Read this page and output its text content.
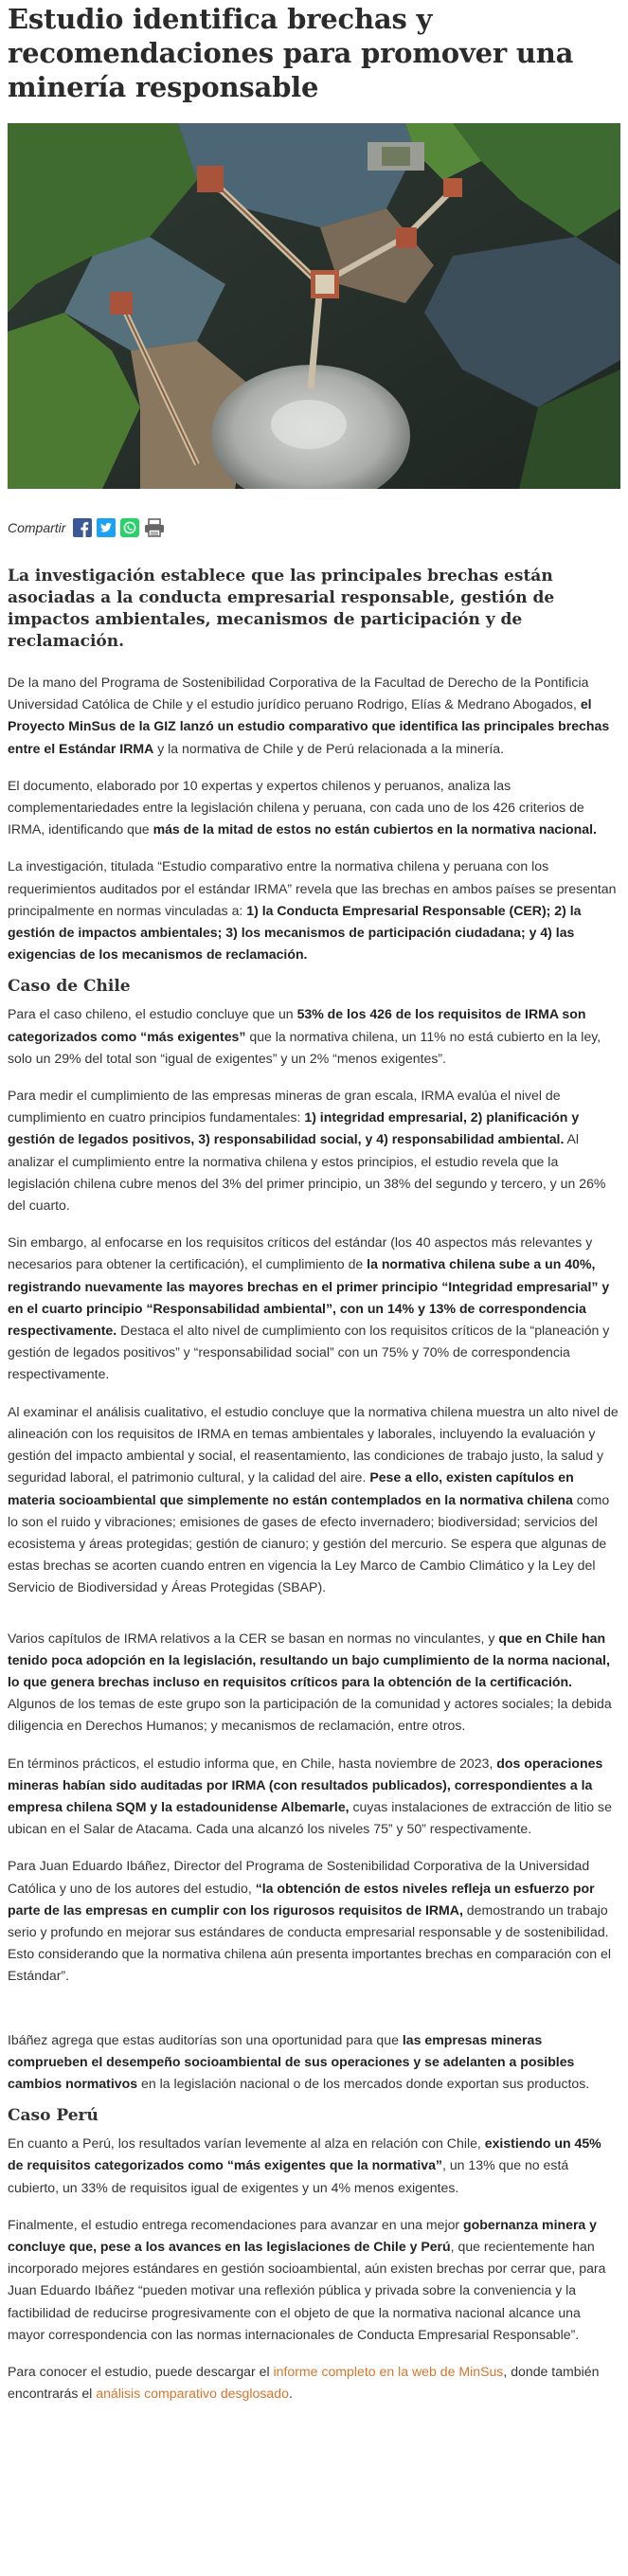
Estudio identifica brechas y recomendaciones para promover una minería responsable
Compartir

La investigación establece que las principales brechas están asociadas a la conducta empresarial responsable, gestión de impactos ambientales, mecanismos de participación y de reclamación.

De la mano del Programa de Sostenibilidad Corporativa de la Facultad de Derecho de la Pontificia Universidad Católica de Chile y el estudio jurídico peruano Rodrigo, Elías & Medrano Abogados, el Proyecto MinSus de la GIZ lanzó un estudio comparativo que identifica las principales brechas entre el Estándar IRMA y la normativa de Chile y de Perú relacionada a la minería.

El documento, elaborado por 10 expertas y expertos chilenos y peruanos, analiza las complementariedades entre la legislación chilena y peruana, con cada uno de los 426 criterios de IRMA, identificando que más de la mitad de estos no están cubiertos en la normativa nacional.

La investigación, titulada “Estudio comparativo entre la normativa chilena y peruana con los requerimientos auditados por el estándar IRMA” revela que las brechas en ambos países se presentan principalmente en normas vinculadas a: 1) la Conducta Empresarial Responsable (CER); 2) la gestión de impactos ambientales; 3) los mecanismos de participación ciudadana; y 4) las exigencias de los mecanismos de reclamación.

Caso de Chile

Para el caso chileno, el estudio concluye que un 53% de los 426 de los requisitos de IRMA son categorizados como “más exigentes” que la normativa chilena, un 11% no está cubierto en la ley, solo un 29% del total son “igual de exigentes” y un 2% “menos exigentes”.

Para medir el cumplimiento de las empresas mineras de gran escala, IRMA evalúa el nivel de cumplimiento en cuatro principios fundamentales: 1) integridad empresarial, 2) planificación y gestión de legados positivos, 3) responsabilidad social, y 4) responsabilidad ambiental. Al analizar el cumplimiento entre la normativa chilena y estos principios, el estudio revela que la legislación chilena cubre menos del 3% del primer principio, un 38% del segundo y tercero, y un 26% del cuarto.

Sin embargo, al enfocarse en los requisitos críticos del estándar (los 40 aspectos más relevantes y necesarios para obtener la certificación), el cumplimiento de la normativa chilena sube a un 40%, registrando nuevamente las mayores brechas en el primer principio “Integridad empresarial” y en el cuarto principio “Responsabilidad ambiental”, con un 14% y 13% de correspondencia respectivamente. Destaca el alto nivel de cumplimiento con los requisitos críticos de la “planeación y gestión de legados positivos” y “responsabilidad social” con un 75% y 70% de correspondencia respectivamente.

Al examinar el análisis cualitativo, el estudio concluye que la normativa chilena muestra un alto nivel de alineación con los requisitos de IRMA en temas ambientales y laborales, incluyendo la evaluación y gestión del impacto ambiental y social, el reasentamiento, las condiciones de trabajo justo, la salud y seguridad laboral, el patrimonio cultural, y la calidad del aire. Pese a ello, existen capítulos en materia socioambiental que simplemente no están contemplados en la normativa chilena como lo son el ruido y vibraciones; emisiones de gases de efecto invernadero; biodiversidad; servicios del ecosistema y áreas protegidas; gestión de cianuro; y gestión del mercurio. Se espera que algunas de estas brechas se acorten cuando entren en vigencia la Ley Marco de Cambio Climático y la Ley del Servicio de Biodiversidad y Áreas Protegidas (SBAP).

Varios capítulos de IRMA relativos a la CER se basan en normas no vinculantes, y que en Chile han tenido poca adopción en la legislación, resultando un bajo cumplimiento de la norma nacional, lo que genera brechas incluso en requisitos críticos para la obtención de la certificación. Algunos de los temas de este grupo son la participación de la comunidad y actores sociales; la debida diligencia en Derechos Humanos; y mecanismos de reclamación, entre otros.

En términos prácticos, el estudio informa que, en Chile, hasta noviembre de 2023, dos operaciones mineras habían sido auditadas por IRMA (con resultados publicados), correspondientes a la empresa chilena SQM y la estadounidense Albemarle, cuyas instalaciones de extracción de litio se ubican en el Salar de Atacama. Cada una alcanzó los niveles 75” y 50” respectivamente.

Para Juan Eduardo Ibáñez, Director del Programa de Sostenibilidad Corporativa de la Universidad Católica y uno de los autores del estudio, “la obtención de estos niveles refleja un esfuerzo por parte de las empresas en cumplir con los rigurosos requisitos de IRMA, demostrando un trabajo serio y profundo en mejorar sus estándares de conducta empresarial responsable y de sostenibilidad. Esto considerando que la normativa chilena aún presenta importantes brechas en comparación con el Estándar”.

Ibáñez agrega que estas auditorías son una oportunidad para que las empresas mineras comprueben el desempeño socioambiental de sus operaciones y se adelanten a posibles cambios normativos en la legislación nacional o de los mercados donde exportan sus productos.

Caso Perú

En cuanto a Perú, los resultados varían levemente al alza en relación con Chile, existiendo un 45% de requisitos categorizados como “más exigentes que la normativa”, un 13% que no está cubierto, un 33% de requisitos igual de exigentes y un 4% menos exigentes.

Finalmente, el estudio entrega recomendaciones para avanzar en una mejor gobernanza minera y concluye que, pese a los avances en las legislaciones de Chile y Perú, que recientemente han incorporado mejores estándares en gestión socioambiental, aún existen brechas por cerrar que, para Juan Eduardo Ibáñez “pueden motivar una reflexión pública y privada sobre la conveniencia y la factibilidad de reducirse progresivamente con el objeto de que la normativa nacional alcance una mayor correspondencia con las normas internacionales de Conducta Empresarial Responsable”.

Para conocer el estudio, puede descargar el informe completo en la web de MinSus, donde también encontrarás el análisis comparativo desglosado.
